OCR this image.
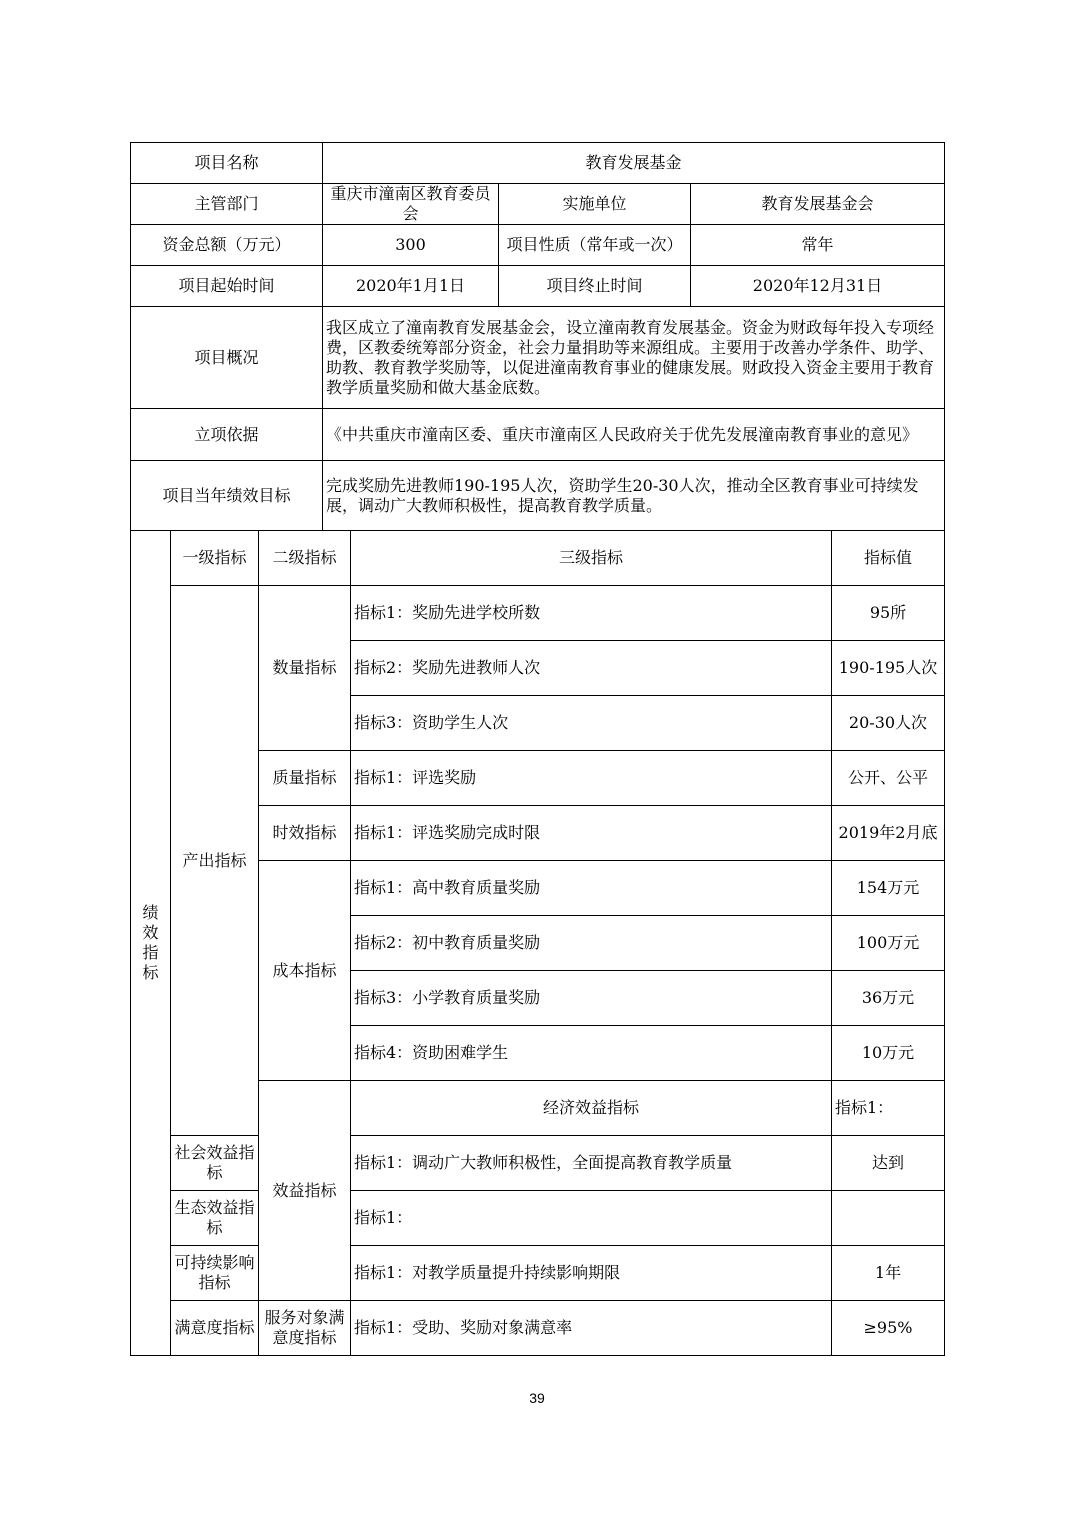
项目名称	教育发展基金		
主管部门	重庆市潼南区教育委员会	实施单位	教育发展基金会
资金总额（万元）	300	项目性质（常年或一次）	常年
项目起始时间	2020年1月1日	项目终止时间	2020年12月31日
项目概况	我区成立了潼南教育发展基金会，设立潼南教育发展基金。资金为财政每年投入专项经费，区教委统筹部分资金，社会力量捐助等来源组成。主要用于改善办学条件、助学、助教、教育教学奖励等，以促进潼南教育事业的健康发展。财政投入资金主要用于教育教学质量奖励和做大基金底数。		
立项依据	《中共重庆市潼南区委、重庆市潼南区人民政府关于优先发展潼南教育事业的意见》		
项目当年绩效目标	完成奖励先进教师190-195人次，资助学生20-30人次，推动全区教育事业可持续发展，调动广大教师积极性，提高教育教学质量。		
绩效指标	一级指标	二级指标	三级指标	指标值	
	产出指标	数量指标	指标1：奖励先进学校所数	95所	
			指标2：奖励先进教师人次	190-195人次	
			指标3：资助学生人次	20-30人次	
		质量指标	指标1：评选奖励	公开、公平	
		时效指标	指标1：评选奖励完成时限	2019年2月底	
		成本指标	指标1：高中教育质量奖励	154万元	
			指标2：初中教育质量奖励	100万元	
			指标3：小学教育质量奖励	36万元	
			指标4：资助困难学生	10万元	
		效益指标	经济效益指标	指标1：	
	社会效益指标		指标1：调动广大教师积极性，全面提高教育教学质量	达到	
	生态效益指标		指标1：		
	可持续影响指标		指标1：对教学质量提升持续影响期限	1年	
	满意度指标	服务对象满意度指标	指标1：受助、奖励对象满意率	≥95%	
39
